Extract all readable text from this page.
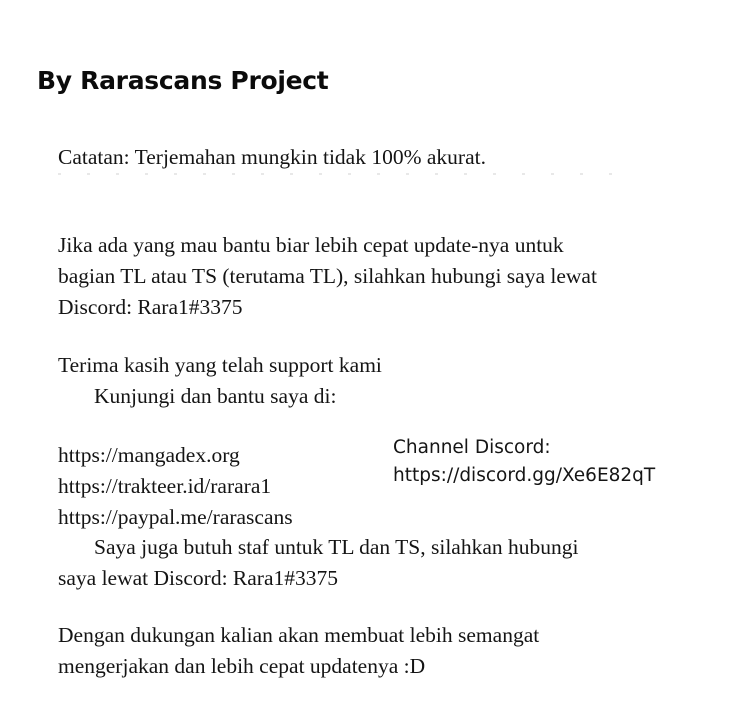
By Rarascans Project
Catatan: Terjemahan mungkin tidak 100% akurat.
Jika ada yang mau bantu biar lebih cepat update-nya untuk
bagian TL atau TS (terutama TL), silahkan hubungi saya lewat
Discord: Rara1#3375
Terima kasih yang telah support kami
Kunjungi dan bantu saya di:
https://mangadex.org
https://trakteer.id/rarara1
https://paypal.me/rarascans
Channel Discord:
https://discord.gg/Xe6E82qT
Saya juga butuh staf untuk TL dan TS, silahkan hubungi
saya lewat Discord: Rara1#3375
Dengan dukungan kalian akan membuat lebih semangat
mengerjakan dan lebih cepat updatenya :D
